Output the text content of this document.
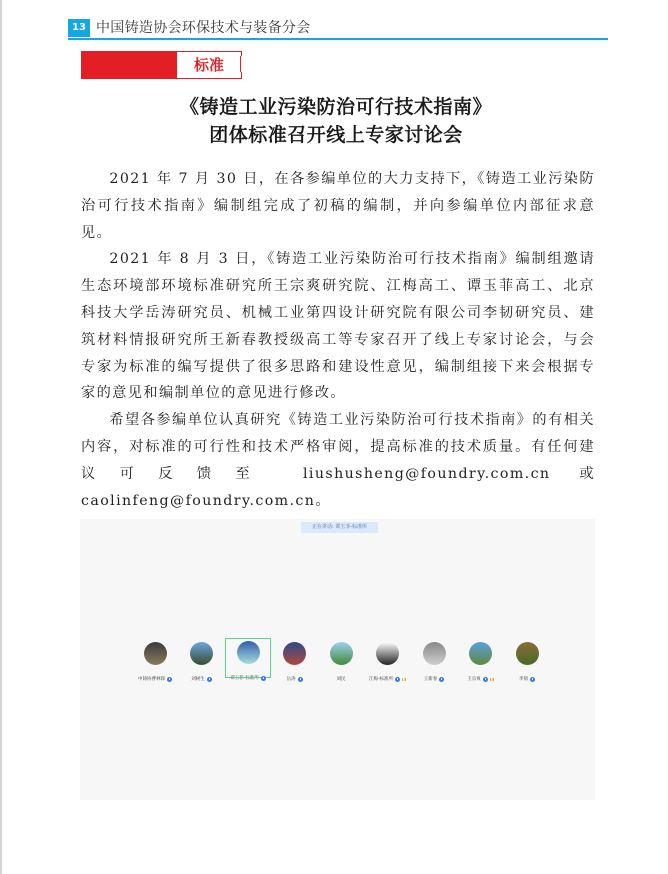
13 中国铸造协会环保技术与装备分会
标准
《铸造工业污染防治可行技术指南》
团体标准召开线上专家讨论会

2021 年 7 月 30 日，在各参编单位的大力支持下，《铸造工业污染防治可行技术指南》编制组完成了初稿的编制，并向参编单位内部征求意见。

2021 年 8 月 3 日，《铸造工业污染防治可行技术指南》编制组邀请生态环境部环境标准研究所王宗爽研究院、江梅高工、谭玉菲高工、北京科技大学岳涛研究员、机械工业第四设计研究院有限公司李韧研究员、建筑材料情报研究所王新春教授级高工等专家召开了线上专家讨论会，与会专家为标准的编写提供了很多思路和建设性意见，编制组接下来会根据专家的意见和编制单位的意见进行修改。

希望各参编单位认真研究《铸造工业污染防治可行技术指南》的有相关内容，对标准的可行性和技术严格审阅，提高标准的技术质量。有任何建议可反馈至 liushusheng@foundry.com.cn 或 caolinfeng@foundry.com.cn。

正在讲话: 谭玉菲-标准所
中铸协曹林锋	刘树生	谭玉菲-标准所	岳涛	刘民	江梅-标准所	王新春	王宗爽	李韧
